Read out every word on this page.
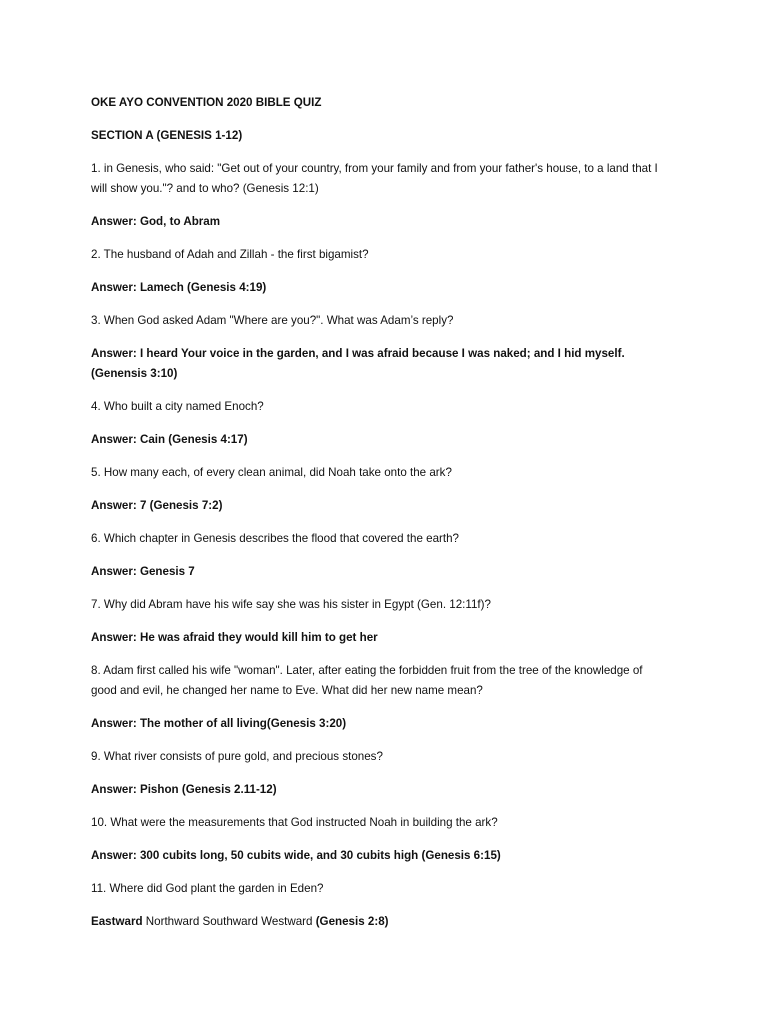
OKE AYO CONVENTION 2020 BIBLE QUIZ

SECTION A (GENESIS 1-12)

1. in Genesis, who said: "Get out of your country, from your family and from your father's house, to a land that I will show you."? and to who? (Genesis 12:1)

Answer: God, to Abram

2. The husband of Adah and Zillah - the first bigamist?

Answer: Lamech (Genesis 4:19)

3. When God asked Adam "Where are you?". What was Adam’s reply?

Answer: I heard Your voice in the garden, and I was afraid because I was naked; and I hid myself. (Genensis 3:10)

4. Who built a city named Enoch?

Answer: Cain (Genesis 4:17)

5. How many each, of every clean animal, did Noah take onto the ark?

Answer: 7 (Genesis 7:2)

6. Which chapter in Genesis describes the flood that covered the earth?

Answer: Genesis 7

7. Why did Abram have his wife say she was his sister in Egypt (Gen. 12:11f)?

Answer: He was afraid they would kill him to get her

8. Adam first called his wife "woman". Later, after eating the forbidden fruit from the tree of the knowledge of good and evil, he changed her name to Eve. What did her new name mean?

Answer: The mother of all living(Genesis 3:20)

9. What river consists of pure gold, and precious stones?

Answer: Pishon (Genesis 2.11-12)

10. What were the measurements that God instructed Noah in building the ark?

Answer: 300 cubits long, 50 cubits wide, and 30 cubits high (Genesis 6:15)

11. Where did God plant the garden in Eden?

Eastward Northward Southward Westward (Genesis 2:8)
